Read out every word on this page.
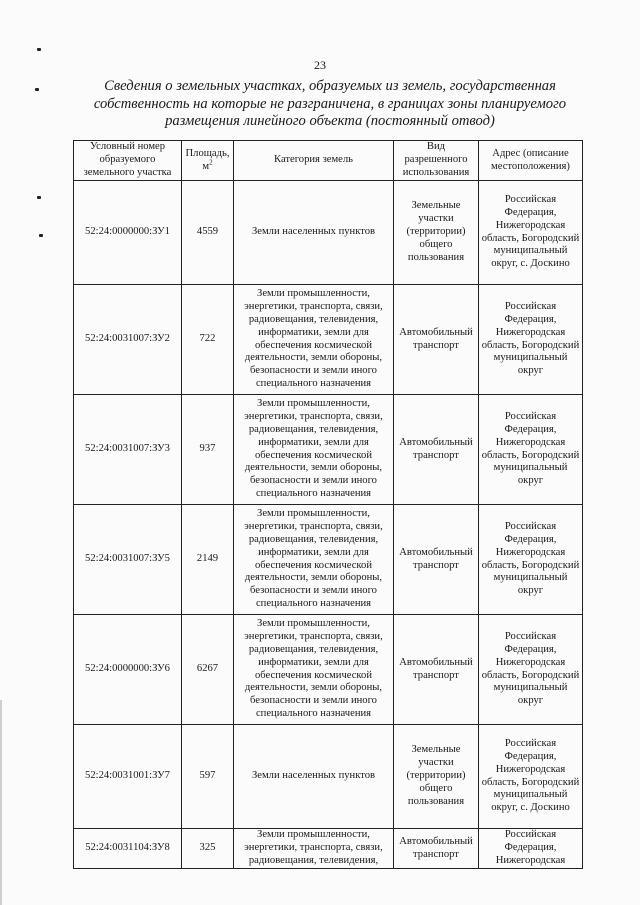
23
Сведения о земельных участках, образуемых из земель, государственная
собственность на которые не разграничена, в границах зоны планируемого
размещения линейного объекта (постоянный отвод)
Условный номер образуемого земельного участка	Площадь, $м^2$	Категория земель	Вид разрешенного использования	Адрес (описание местоположения)
52:24:0000000:ЗУ1	4559	Земли населенных пунктов	Земельные участки (территории) общего пользования	Российская Федерация, Нижегородская область, Богородский муниципальный округ, с. Доскино
52:24:0031007:ЗУ2	722	Земли промышленности, энергетики, транспорта, связи, радиовещания, телевидения, информатики, земли для обеспечения космической деятельности, земли обороны, безопасности и земли иного специального назначения	Автомобильный транспорт	Российская Федерация, Нижегородская область, Богородский муниципальный округ
52:24:0031007:ЗУ3	937	Земли промышленности, энергетики, транспорта, связи, радиовещания, телевидения, информатики, земли для обеспечения космической деятельности, земли обороны, безопасности и земли иного специального назначения	Автомобильный транспорт	Российская Федерация, Нижегородская область, Богородский муниципальный округ
52:24:0031007:ЗУ5	2149	Земли промышленности, энергетики, транспорта, связи, радиовещания, телевидения, информатики, земли для обеспечения космической деятельности, земли обороны, безопасности и земли иного специального назначения	Автомобильный транспорт	Российская Федерация, Нижегородская область, Богородский муниципальный округ
52:24:0000000:ЗУ6	6267	Земли промышленности, энергетики, транспорта, связи, радиовещания, телевидения, информатики, земли для обеспечения космической деятельности, земли обороны, безопасности и земли иного специального назначения	Автомобильный транспорт	Российская Федерация, Нижегородская область, Богородский муниципальный округ
52:24:0031001:ЗУ7	597	Земли населенных пунктов	Земельные участки (территории) общего пользования	Российская Федерация, Нижегородская область, Богородский муниципальный округ, с. Доскино
52:24:0031104:ЗУ8	325	Земли промышленности, энергетики, транспорта, связи, радиовещания, телевидения,	Автомобильный транспорт	Российская Федерация, Нижегородская
